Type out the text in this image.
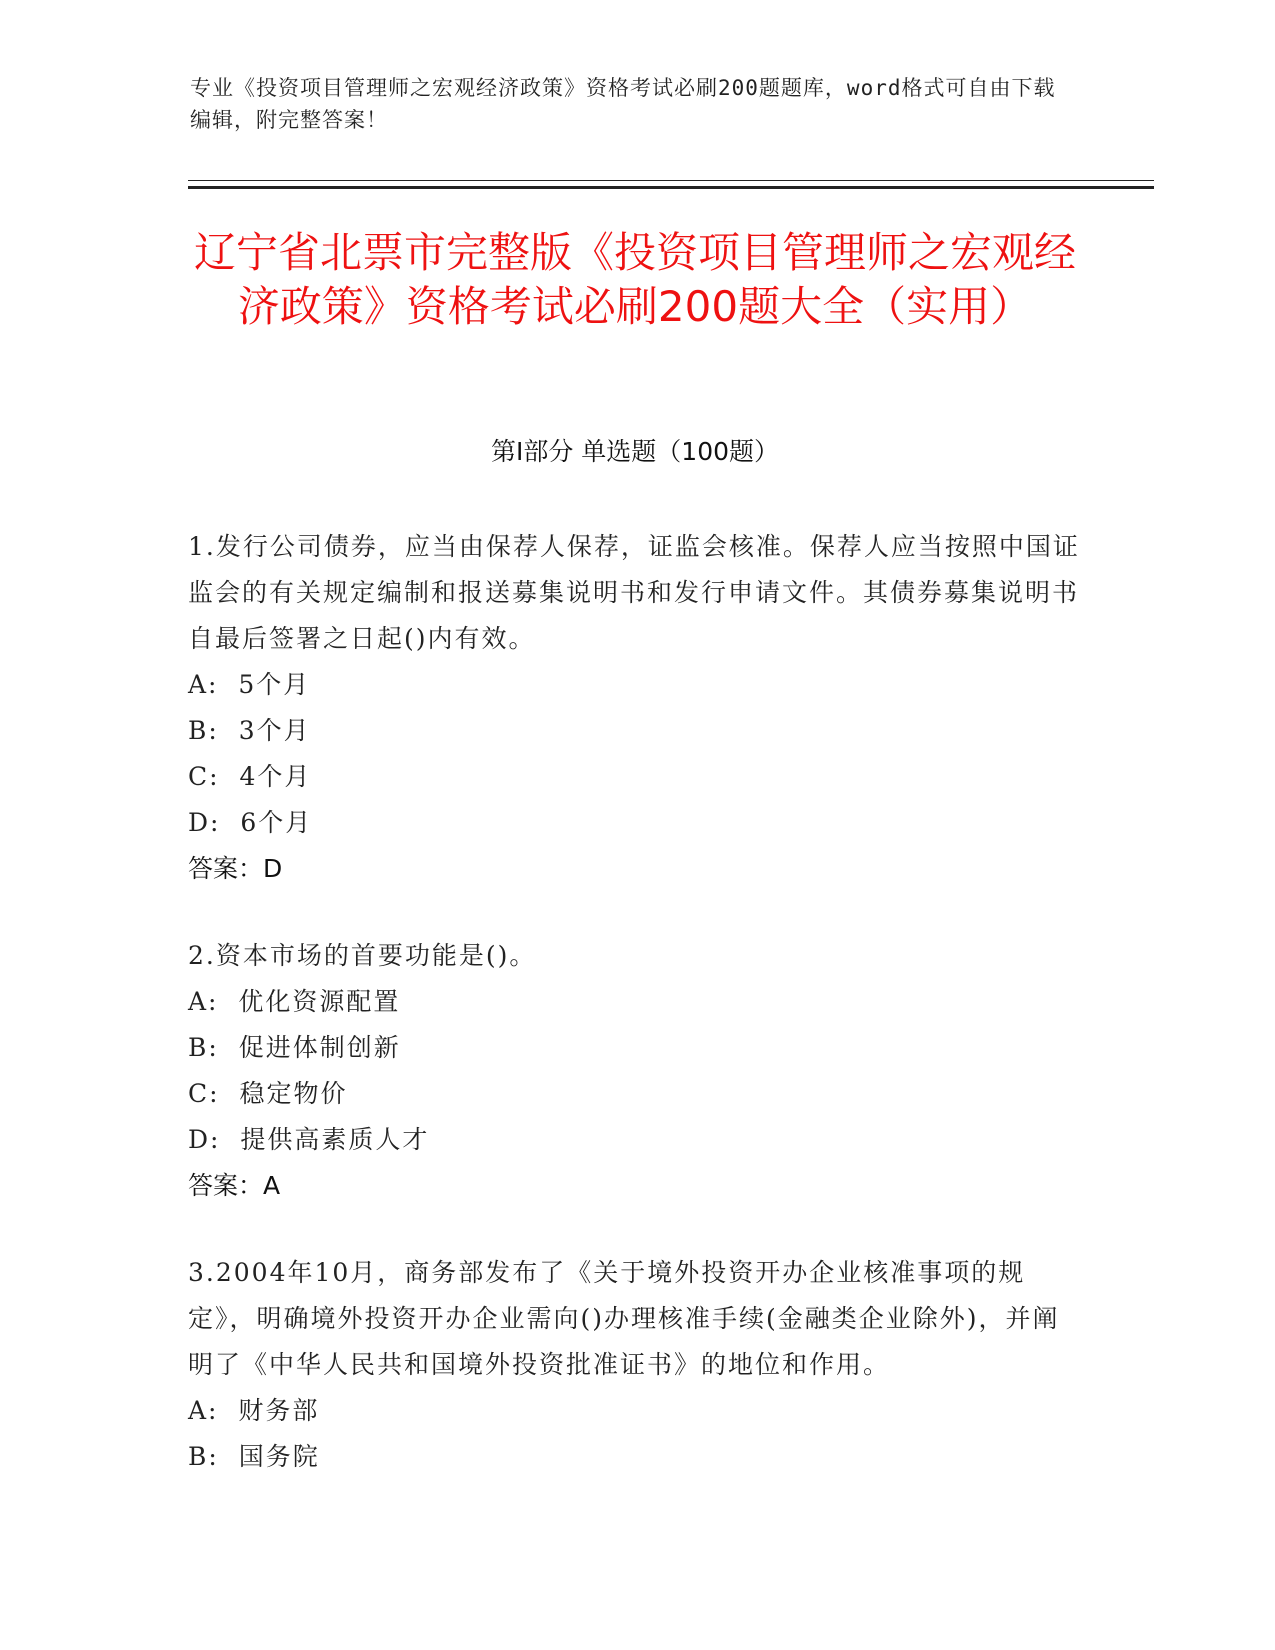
专业《投资项目管理师之宏观经济政策》资格考试必刷200题题库，word格式可自由下载编辑，附完整答案！
辽宁省北票市完整版《投资项目管理师之宏观经济政策》资格考试必刷200题大全（实用）
第I部分 单选题（100题）
1.发行公司债券，应当由保荐人保荐，证监会核准。保荐人应当按照中国证监会的有关规定编制和报送募集说明书和发行申请文件。其债券募集说明书自最后签署之日起()内有效。
A:  5个月
B:  3个月
C:  4个月
D:  6个月
答案：D
2.资本市场的首要功能是()。
A:  优化资源配置
B:  促进体制创新
C:  稳定物价
D:  提供高素质人才
答案：A
3.2004年10月，商务部发布了《关于境外投资开办企业核准事项的规定》，明确境外投资开办企业需向()办理核准手续(金融类企业除外)，并阐明了《中华人民共和国境外投资批准证书》的地位和作用。
A:  财务部
B:  国务院
